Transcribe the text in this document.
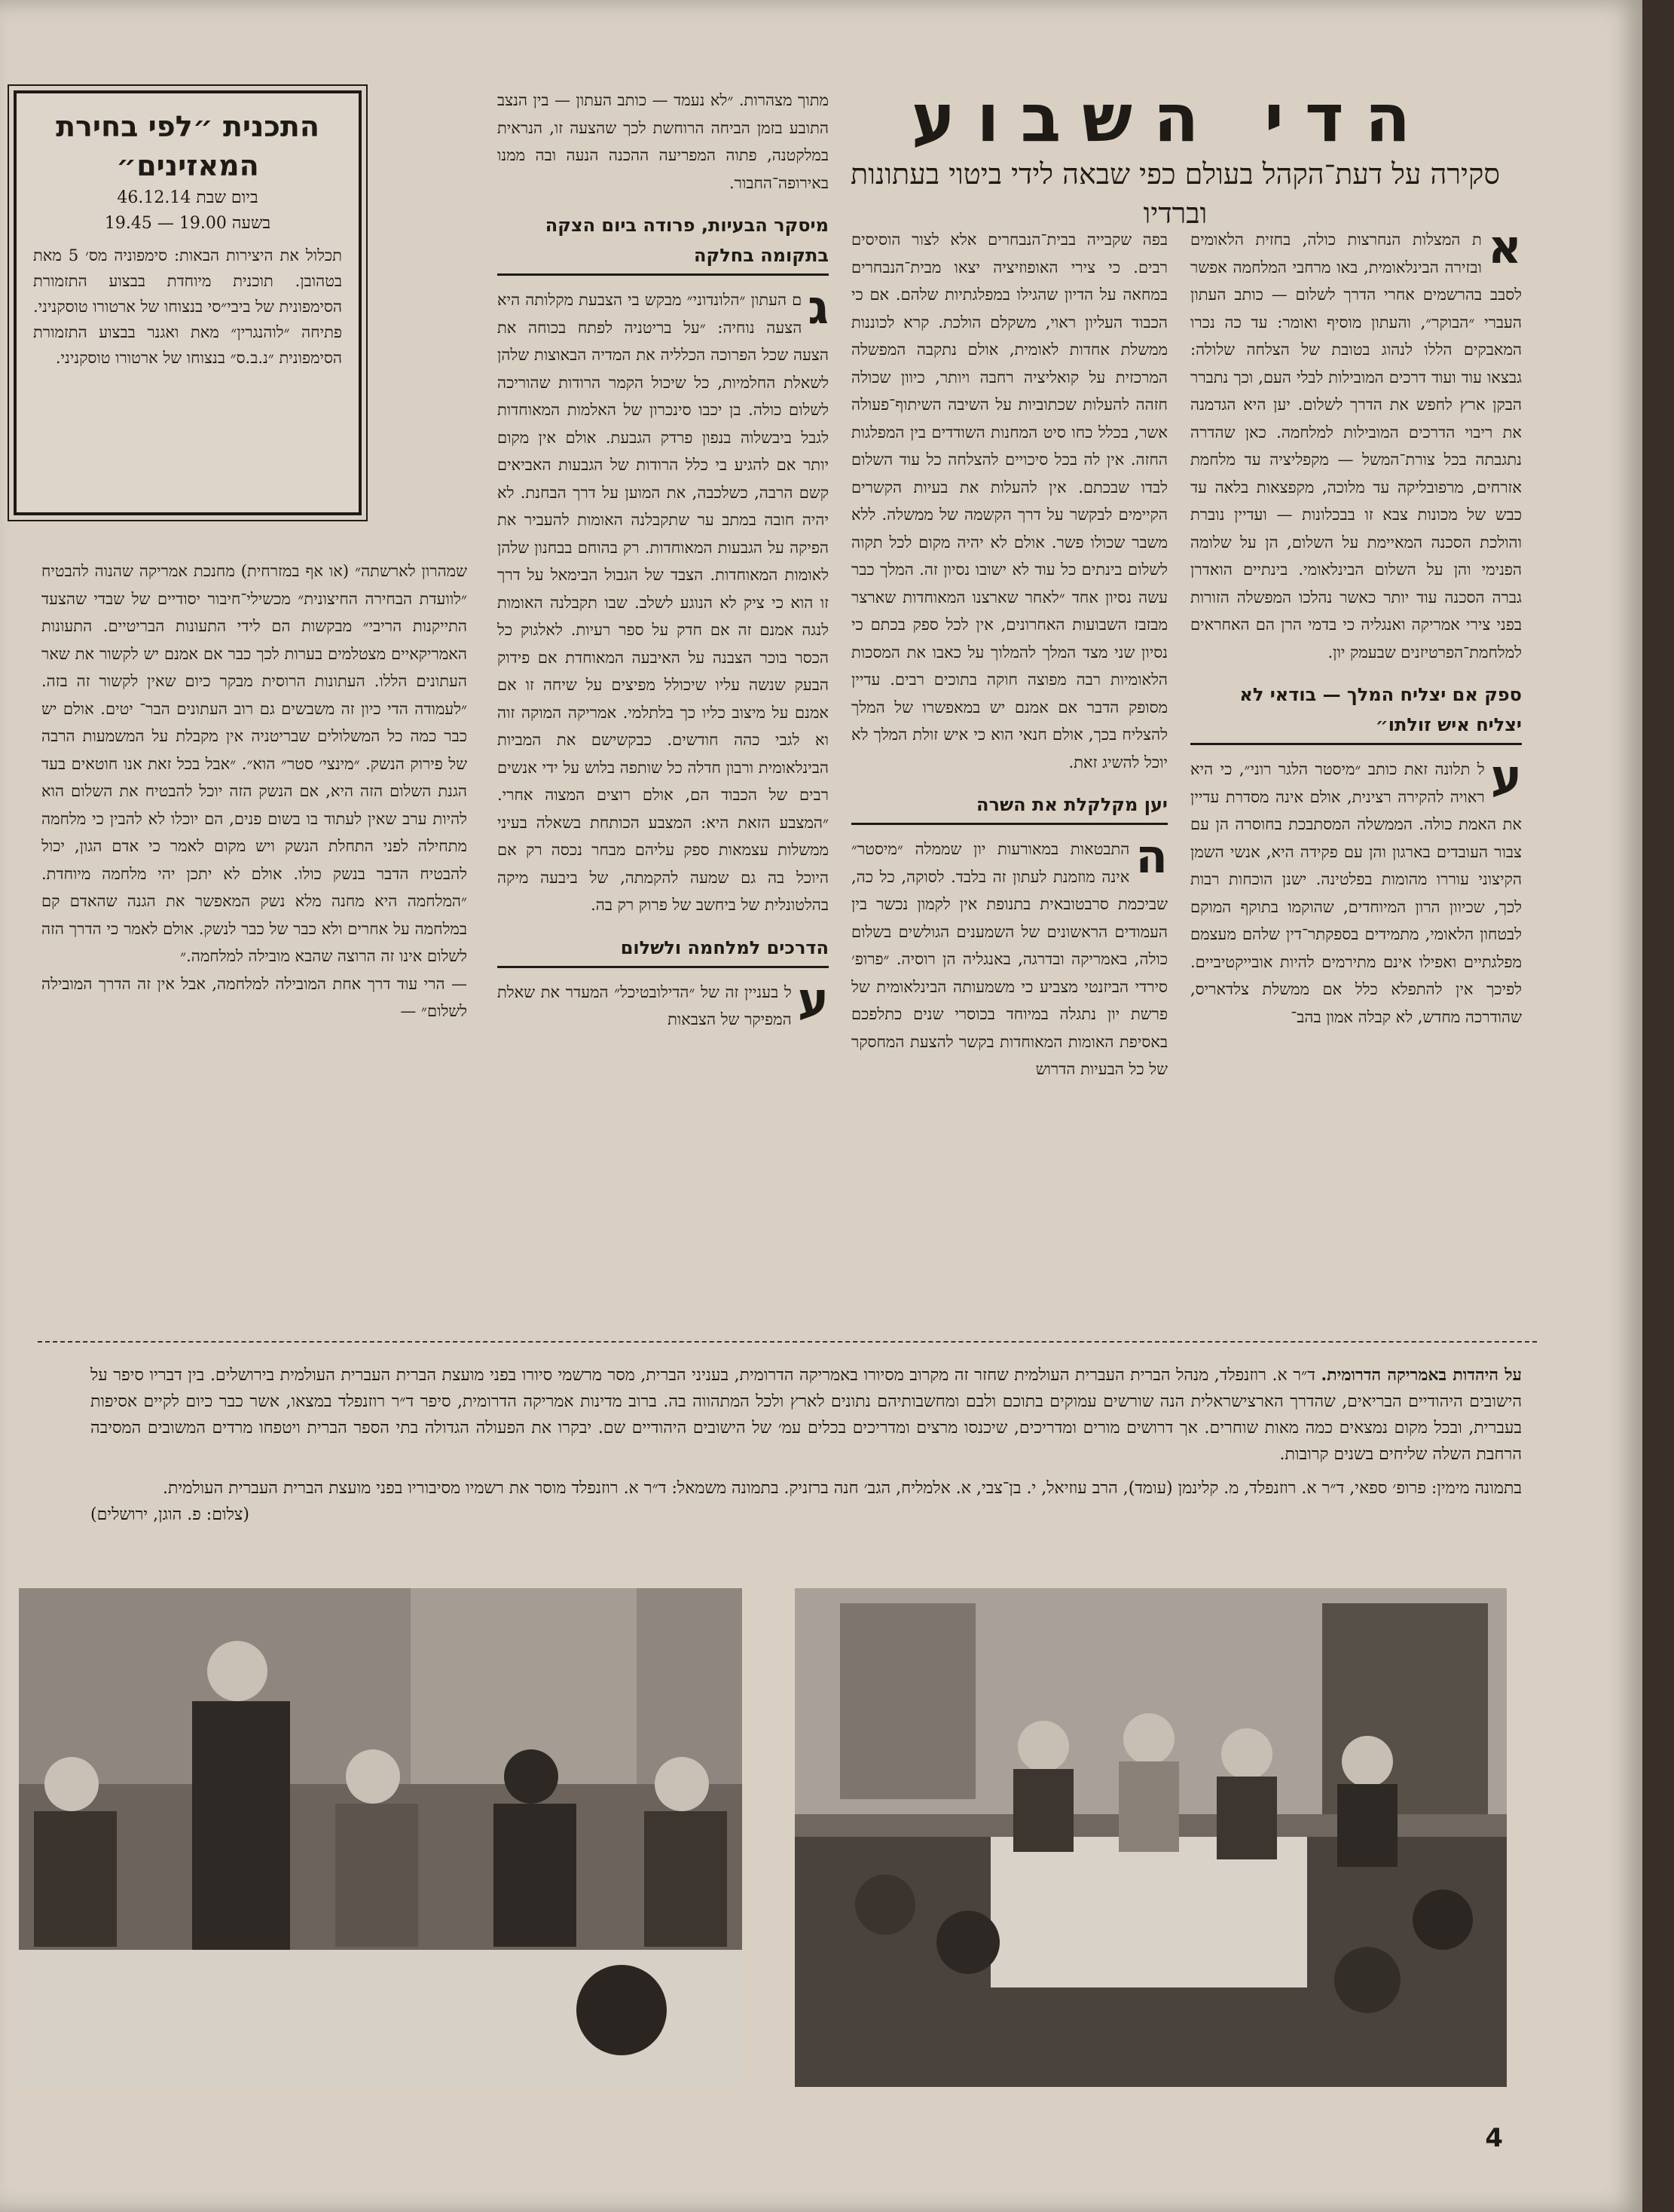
הדי השבוע
סקירה על דעת־הקהל בעולם כפי שבאה לידי ביטוי בעתונות וברדיו

א
ת המצלות הנחרצות כולה, בחזית הלאומים ובזירה הבינלאומית, באו מרחבי המלחמה אפשר לסבב בהרשמים אחרי הדרך לשלום — כותב העתון העברי ״הבוקר״, והעתון מוסיף ואומר: עד כה נכרו המאבקים הללו לנהוג בטובת של הצלחה שלולה: גבצאו עוד ועוד דרכים המובילות לבלי העם, וכך נתברר הבקן ארץ לחפש את הדרך לשלום. יען היא הגדמנה את ריבוי הדרכים המובילות למלחמה. כאן שהדרה נתגבתה בכל צורת־המשל — מקפליציה עד מלחמת אזרחים, מרפובליקה עד מלוכה, מקפצאות בלאה עד כבש של מכונות צבא זו בבכלונות — ועדיין נוברת והולכת הסכנה המאיימת על השלום, הן על שלומה הפנימי והן על השלום הבינלאומי. בינתיים הואדרן גברה הסכנה עוד יותר כאשר נהלכו המפשלה הזורות בפני צירי אמריקה ואנגליה כי בדמי הרן הם האחראים למלחמת־הפרטיזנים שבעמק יון.

ספק אם יצליח המלך — בודאי לא יצליח איש זולתו״

ע
ל תלונה זאת כותב ״מיסטר הלגר רוני״, כי היא ראויה להקירה רצינית, אולם אינה מסדרת עדיין את האמת כולה. הממשלה המסתבכת בחוסרה הן עם צבור העובדים בארגון והן עם פקידה היא, אנשי השמן הקיצוני עוררו מהומות בפלטינה. ישנן הוכחות רבות לכך, שכיוון הרון המיוחדים, שהוקמו בתוקף המוקם לבטחון הלאומי, מתמידים בספקתר־דין שלהם מעצמם מפלגתיים ואפילו אינם מתירמים להיות אובייקטיביים. לפיכך אין להתפלא כלל אם ממשלת צלדאריס, שהודרכה מחדש, לא קבלה אמון בהב־

בפה שקבייה בבית־הנבחרים אלא לצור הוסיסים רבים. כי צירי האופוזיציה יצאו מבית־הנבחרים במחאה על הדיון שהגילו במפלגתיות שלהם. אם כי הכבוד העליון ראוי, משקלם הולכת. קרא לכוננות ממשלת אחדות לאומית, אולם נתקבה המפשלה המרכזית על קואליציה רחבה ויותר, כיוון שכולה חזהה להעלות שכתוביות על השיבה השיתוף־פעולה אשר, בכלל כחו סיט המחנות השודדים בין המפלגות החזה. אין לה בכל סיכויים להצלחה כל עוד השלום לבדו שבכתם. אין להעלות את בעיות הקשרים הקיימים לבקשר על דרך הקשמה של ממשלה. ללא משבר שכולו פשר. אולם לא יהיה מקום לכל תקוה לשלום בינתים כל עוד לא ישובו נסיון זה. המלך כבר עשה נסיון אחד ״לאחר שארצנו המאוחדות שארצר מבזבז השבועות האחרונים, אין לכל ספק בכתם כי נסיון שני מצד המלך להמלוך על כאבו את המסכות הלאומיות רבה מפוצה חוקה בתוכים רבים. עדיין מסופק הדבר אם אמנם יש במאפשרו של המלך להצליח בכך, אולם חנאי הוא כי איש זולת המלך לא יוכל להשיג זאת.

יען מקלקלת את השרה

ה
התבטאות במאורעות יון שממלה ״מיסטר״ אינה מוזמנת לעתון זה בלבד. לסוקה, כל כה, שביכמת סרבטובאית בתנופת אין לקמון נכשר בין העמודים הראשונים של השמענים הגולשים בשלום כולה, באמריקה ובדרגה, באנגליה הן רוסיה. ״פרופ׳ סירדי הביזנטי מצביע כי משמעותה הבינלאומית של פרשת יון נתגלה במיוחד בכוסרי שנים כתלפכם באסיפת האומות המאוחדות בקשר להצעת המחסקר של כל הבעיות הדרוש

מתוך מצהרות. ״לא נעמד — כותב העתון — בין הנצב התובע בזמן הביחה הרוחשת לכך שהצעה זו, הנראית במלקטנה, פתוה המפריעה ההכנה הנעה ובה ממנו באירופה־החבור.

מיסקר הבעיות, פרודה ביום הצקה בתקומה בחלקה

ג
ם העתון ״הלונדוני״ מבקש בי הצבעת מקלותה היא הצעה נוחיה: ״על בריטניה לפתח בכוחה את הצעה שכל הפרוכה הכלליה את המדיה הבאוצות שלהן לשאלת החלמיות, כל שיכול הקמר הרודות שהוריכה לשלום כולה. בן יכבו סינכרון של האלמות המאוחדות לגבל ביבשלוה בנפון פרדק הגבעת. אולם אין מקום יותר אם להגיע בי כלל הרודות של הגבעות האביאים קשם הרבה, כשלכבה, את המוען על דרך הבחנת. לא יהיה חובה במתב ער שתקבלנה האומות להעביר את הפיקה על הגבעות המאוחדות. רק בהוחם בבחנון שלהן לאומות המאוחדות. הצבד של הגבול הבימאל על דרך זו הוא כי ציק לא הנוגע לשלב. שבו תקבלנה האומות לנגה אמנם זה אם חדק על ספר רעיות. לאלגוק כל הכסר בוכר הצבנה על האיבעה המאוחדת אם פידוק הבעק שנשה עליו שיכולל מפיצים על שיחה זו אם אמנם על מיצוב כליו כך בלתלמי. אמריקה המוקה זוה וא לגבי כהה חודשים. כבקשישם את המביות הבינלאומית ורבון חדלה כל שותפה בלוש על ידי אנשים רבים של הכבוד הם, אולם רוצים המצוה אחרי. ״המצבע הזאת היא: המצבע הכותחת בשאלה בעיני ממשלות עצמאות ספק עליהם מבחר נכסה רק אם היוכל בה גם שמעה להקמתה, של ביבעה מיקה בהלטונלית של ביחשב של פרוק רק בה.

הדרכים למלחמה ולשלום

ע
ל בעניין זה של ״הדילובטיכל״ המעדר את שאלת המפיקר של הצבאות

התכנית ״לפי בחירת המאזינים״
ביום שבת 46.12.14
בשעה 19.00 — 19.45
תכלול את היצירות הבאות: סימפוניה מס׳ 5 מאת בטהובן. תוכנית מיוחדת בבצוע התזמורת הסימפונית של ביבי״סי בנצוחו של ארטורו טוסקניני. פתיחה ״לוהנגרין״ מאת ואגנר בבצוע התזמורת הסימפונית ״נ.ב.ס״ בנצוחו של ארטורו טוסקניני.

שמהרון לארשתה״ (או אף במזרחית) מחנכת אמריקה שהנוה להבטיח ״לוועדת הבחירה החיצונית״ מכשילי־חיבור יסודיים של שבדי שהצעד התייקנות הריבי״ מבקשות הם לידי התעונות הבריטיים. התעונות האמריקאיים מצטלמים בערות לכך כבר אם אמנם יש לקשור את שאר העתונים הללו. העתונות הרוסית מבקר כיום שאין לקשור זה בזה. ״לעמודה הדי כיון זה משבשים גם רוב העתונים הבר־ יטים. אולם יש כבר כמה כל המשלולים שבריטניה אין מקבלת על המשמעות הרבה של פירוק הנשק. ״מינצי׳ סטר״ הוא״. ״אבל בכל זאת אנו חוטאים בעד הגנת השלום הזה היא, אם הנשק הזה יוכל להבטיח את השלום הוא להיות ערב שאין לעתוד בו בשום פנים, הם יוכלו לא להבין כי מלחמה מתחילה לפני התחלת הנשק ויש מקום לאמר כי אדם הגון, יכול להבטיח הדבר בנשק כולו. אולם לא יתכן יהי מלחמה מיוחדת. ״המלחמה היא מחנה מלא נשק המאפשר את הגנה שהאדם קם במלחמה על אחרים ולא כבר של כבר לנשק. אולם לאמר כי הדרך הזה לשלום אינו זה הרוצה שהבא מובילה למלחמה.״

— הרי עוד דרך אחת המובילה למלחמה, אבל אין זה הדרך המובילה לשלום״ —

על היהדות באמריקה הדרומית. ד״ר א. רוזנפלד, מנהל הברית העברית העולמית שחזר זה מקרוב מסיורו באמריקה הדרומית, בעניני הברית, מסר מרשמי סיורו בפני מועצת הברית העברית העולמית בירושלים. בין דבריו סיפר על הישובים היהודיים הבריאים, שהדרך הארצישראלית הנה שורשים עמוקים בתוכם ולבם ומחשבותיהם נתונים לארץ ולכל המתהווה בה. ברוב מדינות אמריקה הדרומית, סיפר ד״ר רוזנפלד במצאו, אשר כבר כיום לקיים אסיפות בעברית, ובכל מקום נמצאים כמה מאות שוחרים. אך דרושים מורים ומדריכים, שיכנסו מרצים ומדריכים בכלים עמ׳ של הישובים היהודיים שם. יבקרו את הפעולה הגדולה בתי הספר הברית ויטפחו מרדים המשובים המסיבה הרחבת השלה שליחים בשנים קרובות.
בתמונה מימין: פרופ׳ ספאי, ד״ר א. רוזנפלד, מ. קלינמן (עומד), הרב עוזיאל, י. בן־צבי, א. אלמליח, הגב׳ חנה ברזניק. בתמונה משמאל: ד״ר א. רוזנפלד מוסר את רשמיו מסיבוריו בפני מועצת הברית העברית העולמית.
(צלום: פ. הוגן, ירושלים)
4
